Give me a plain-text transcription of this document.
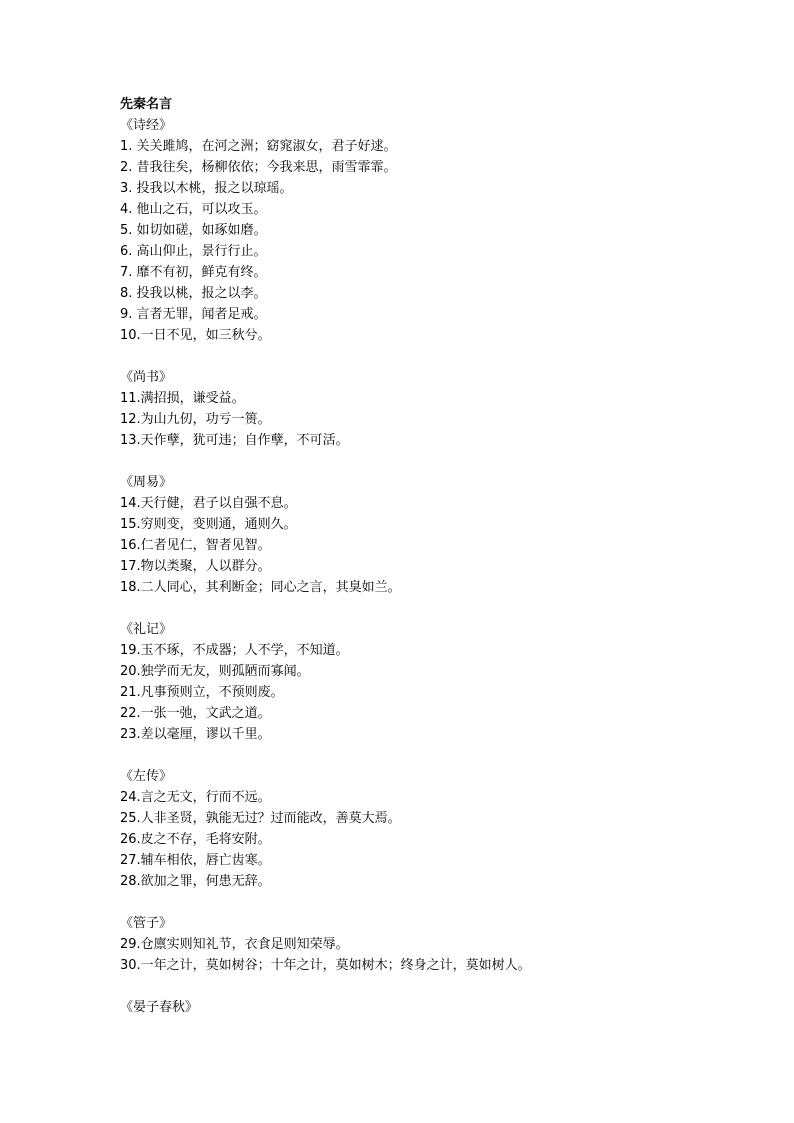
先秦名言
《诗经》
1. 关关雎鸠，在河之洲；窈窕淑女，君子好逑。
2. 昔我往矣，杨柳依依；今我来思，雨雪霏霏。
3. 投我以木桃，报之以琼瑶。
4. 他山之石，可以攻玉。
5. 如切如磋，如琢如磨。
6. 高山仰止，景行行止。
7. 靡不有初，鲜克有终。
8. 投我以桃，报之以李。
9. 言者无罪，闻者足戒。
10.一日不见，如三秋兮。
《尚书》
11.满招损，谦受益。
12.为山九仞，功亏一篑。
13.天作孽，犹可违；自作孽，不可活。
《周易》
14.天行健，君子以自强不息。
15.穷则变，变则通，通则久。
16.仁者见仁，智者见智。
17.物以类聚，人以群分。
18.二人同心，其利断金；同心之言，其臭如兰。
《礼记》
19.玉不琢，不成器；人不学，不知道。
20.独学而无友，则孤陋而寡闻。
21.凡事预则立，不预则废。
22.一张一弛，文武之道。
23.差以毫厘，谬以千里。
《左传》
24.言之无文，行而不远。
25.人非圣贤，孰能无过？过而能改，善莫大焉。
26.皮之不存，毛将安附。
27.辅车相依，唇亡齿寒。
28.欲加之罪，何患无辞。
《管子》
29.仓廪实则知礼节，衣食足则知荣辱。
30.一年之计，莫如树谷；十年之计，莫如树木；终身之计，莫如树人。
《晏子春秋》
